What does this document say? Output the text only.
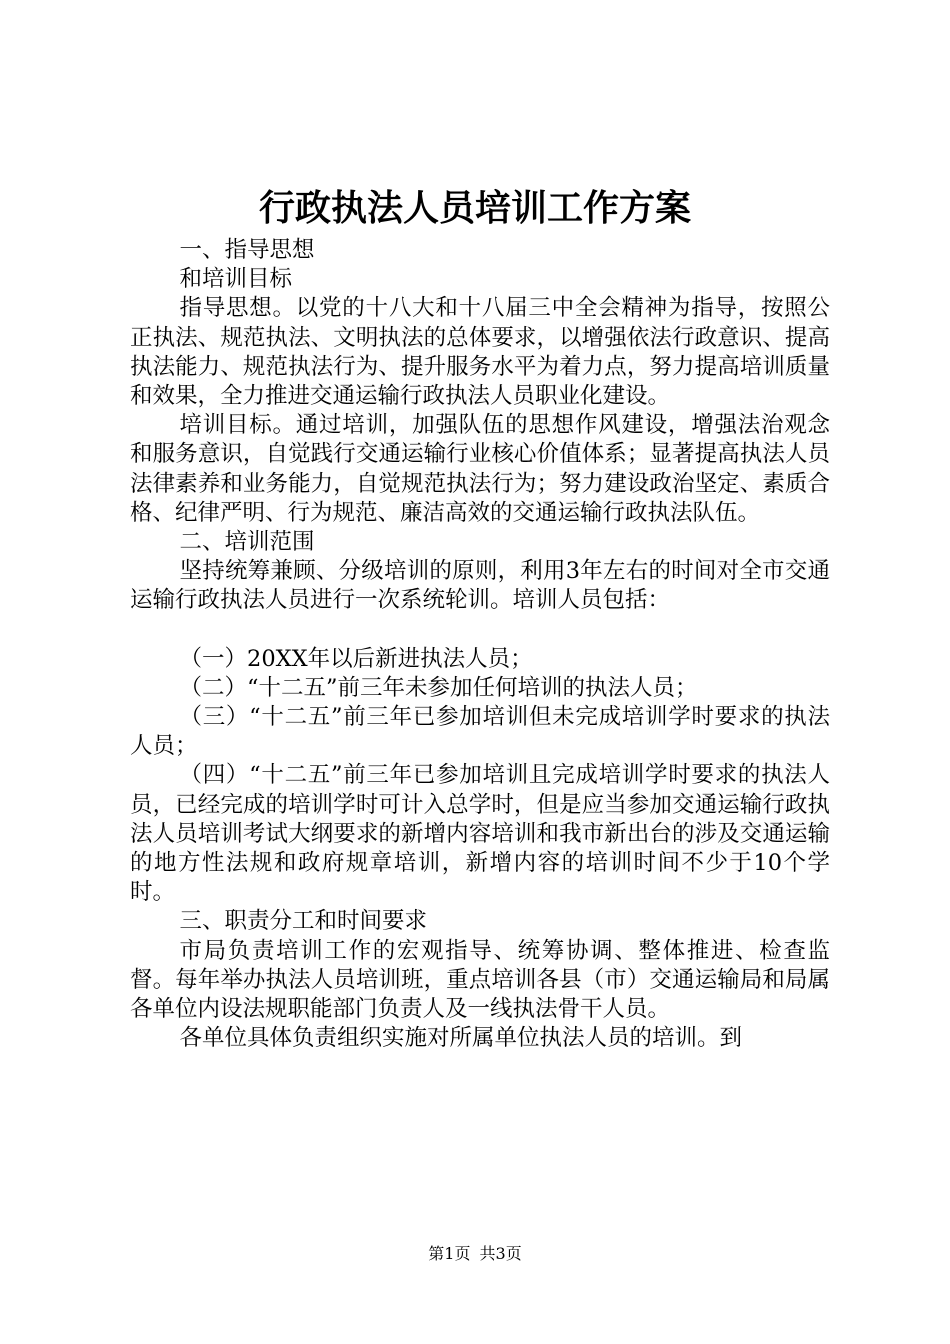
行政执法人员培训工作方案

一、指导思想

和培训目标

指导思想。以党的十八大和十八届三中全会精神为指导，按照公正执法、规范执法、文明执法的总体要求，以增强依法行政意识、提高执法能力、规范执法行为、提升服务水平为着力点，努力提高培训质量和效果，全力推进交通运输行政执法人员职业化建设。

培训目标。通过培训，加强队伍的思想作风建设，增强法治观念和服务意识，自觉践行交通运输行业核心价值体系；显著提高执法人员法律素养和业务能力，自觉规范执法行为；努力建设政治坚定、素质合格、纪律严明、行为规范、廉洁高效的交通运输行政执法队伍。

二、培训范围

坚持统筹兼顾、分级培训的原则，利用3年左右的时间对全市交通运输行政执法人员进行一次系统轮训。培训人员包括：

（一）20XX年以后新进执法人员；

（二）“十二五”前三年未参加任何培训的执法人员；

（三）“十二五”前三年已参加培训但未完成培训学时要求的执法人员；

（四）“十二五”前三年已参加培训且完成培训学时要求的执法人员，已经完成的培训学时可计入总学时，但是应当参加交通运输行政执法人员培训考试大纲要求的新增内容培训和我市新出台的涉及交通运输的地方性法规和政府规章培训，新增内容的培训时间不少于10个学时。

三、职责分工和时间要求

市局负责培训工作的宏观指导、统筹协调、整体推进、检查监督。每年举办执法人员培训班，重点培训各县（市）交通运输局和局属各单位内设法规职能部门负责人及一线执法骨干人员。

各单位具体负责组织实施对所属单位执法人员的培训。到

第1页 共3页
